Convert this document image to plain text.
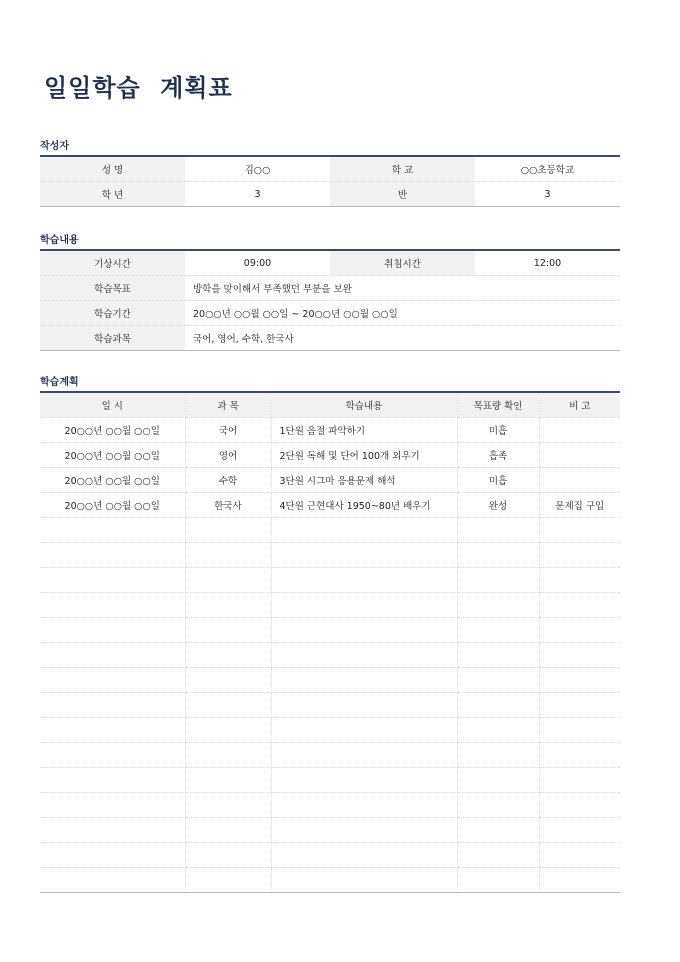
일일학습 계획표
작성자
성 명	김○○	학 교	○○초등학교
학 년	3	반	3
학습내용
기상시간	09:00	취침시간	12:00
학습목표	방학을 맞이해서 부족했던 부분을 보완		
학습기간	20○○년 ○○월 ○○일 ~ 20○○년 ○○월 ○○일		
학습과목	국어, 영어, 수학, 한국사		
학습계획
일 시	과 목	학습내용	목표량 확인	비 고
20○○년 ○○월 ○○일	국어	1단원 음절 파악하기	미흡	
20○○년 ○○월 ○○일	영어	2단원 독해 및 단어 100개 외우기	흡족	
20○○년 ○○월 ○○일	수학	3단원 시그마 응용문제 해석	미흡	
20○○년 ○○월 ○○일	한국사	4단원 근현대사 1950~80년 배우기	완성	문제집 구입
